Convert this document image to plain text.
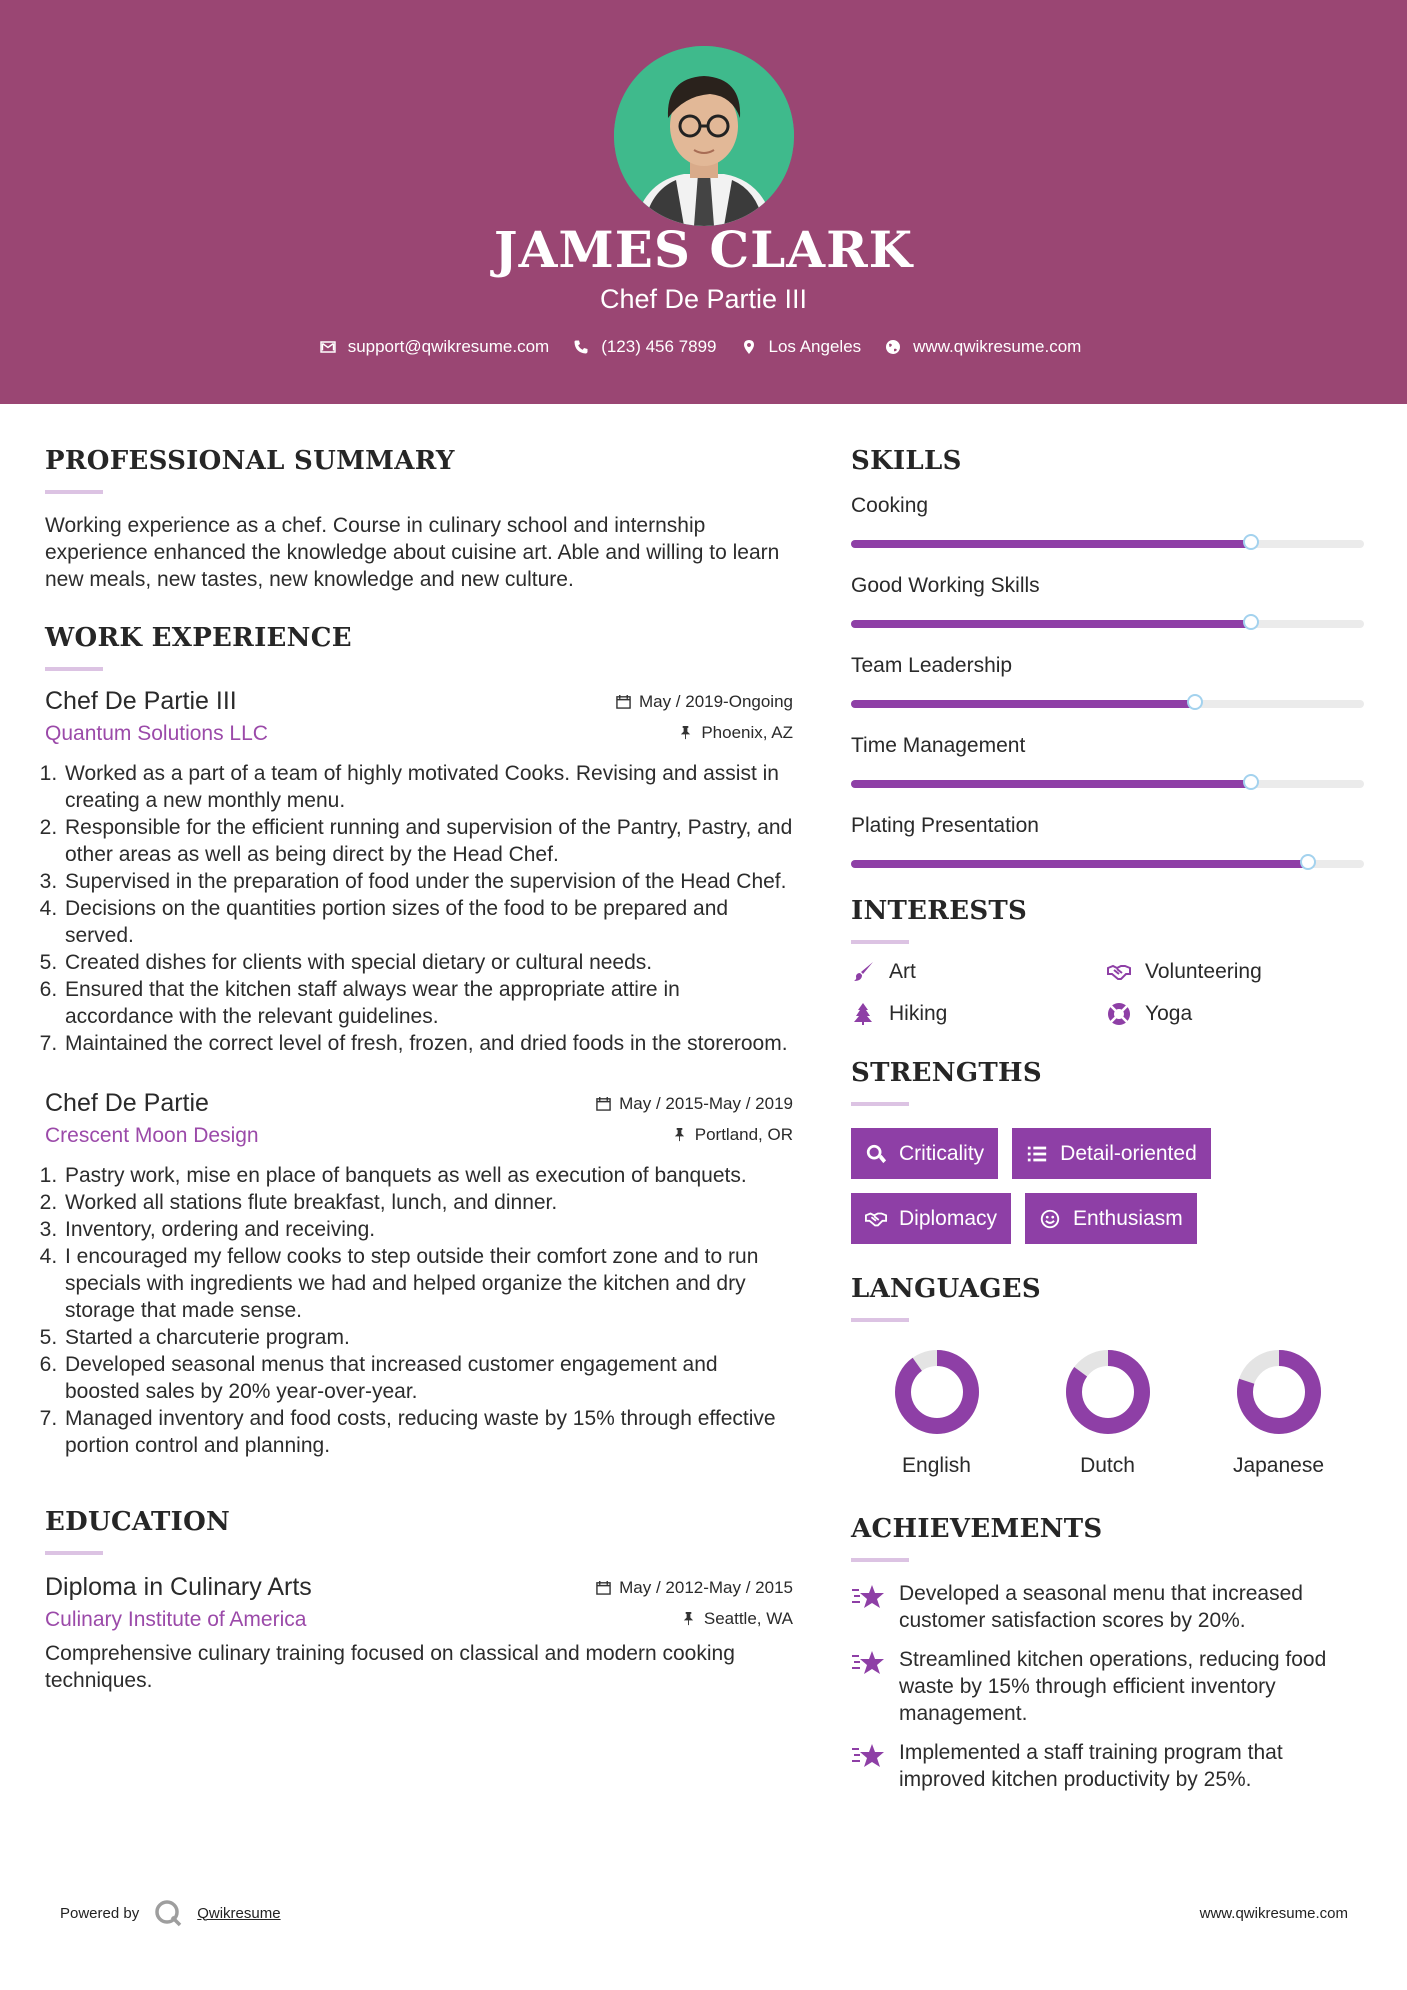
JAMES CLARK
Chef De Partie III
support@qwikresume.com	(123) 456 7899	Los Angeles	www.qwikresume.com
PROFESSIONAL SUMMARY
Working experience as a chef. Course in culinary school and internship experience enhanced the knowledge about cuisine art. Able and willing to learn new meals, new tastes, new knowledge and new culture.
WORK EXPERIENCE
Chef De Partie III	May / 2019-Ongoing
Quantum Solutions LLC	Phoenix, AZ
1. Worked as a part of a team of highly motivated Cooks. Revising and assist in creating a new monthly menu.
2. Responsible for the efficient running and supervision of the Pantry, Pastry, and other areas as well as being direct by the Head Chef.
3. Supervised in the preparation of food under the supervision of the Head Chef.
4. Decisions on the quantities portion sizes of the food to be prepared and served.
5. Created dishes for clients with special dietary or cultural needs.
6. Ensured that the kitchen staff always wear the appropriate attire in accordance with the relevant guidelines.
7. Maintained the correct level of fresh, frozen, and dried foods in the storeroom.
Chef De Partie	May / 2015-May / 2019
Crescent Moon Design	Portland, OR
1. Pastry work, mise en place of banquets as well as execution of banquets.
2. Worked all stations flute breakfast, lunch, and dinner.
3. Inventory, ordering and receiving.
4. I encouraged my fellow cooks to step outside their comfort zone and to run specials with ingredients we had and helped organize the kitchen and dry storage that made sense.
5. Started a charcuterie program.
6. Developed seasonal menus that increased customer engagement and boosted sales by 20% year-over-year.
7. Managed inventory and food costs, reducing waste by 15% through effective portion control and planning.
EDUCATION
Diploma in Culinary Arts	May / 2012-May / 2015
Culinary Institute of America	Seattle, WA
Comprehensive culinary training focused on classical and modern cooking techniques.
SKILLS
Cooking
Good Working Skills
Team Leadership
Time Management
Plating Presentation
INTERESTS
Art	Volunteering
Hiking	Yoga
STRENGTHS
Criticality	Detail-oriented
Diplomacy	Enthusiasm
LANGUAGES
English	Dutch	Japanese
ACHIEVEMENTS
Developed a seasonal menu that increased customer satisfaction scores by 20%.
Streamlined kitchen operations, reducing food waste by 15% through efficient inventory management.
Implemented a staff training program that improved kitchen productivity by 25%.
Powered by	Qwikresume	www.qwikresume.com
